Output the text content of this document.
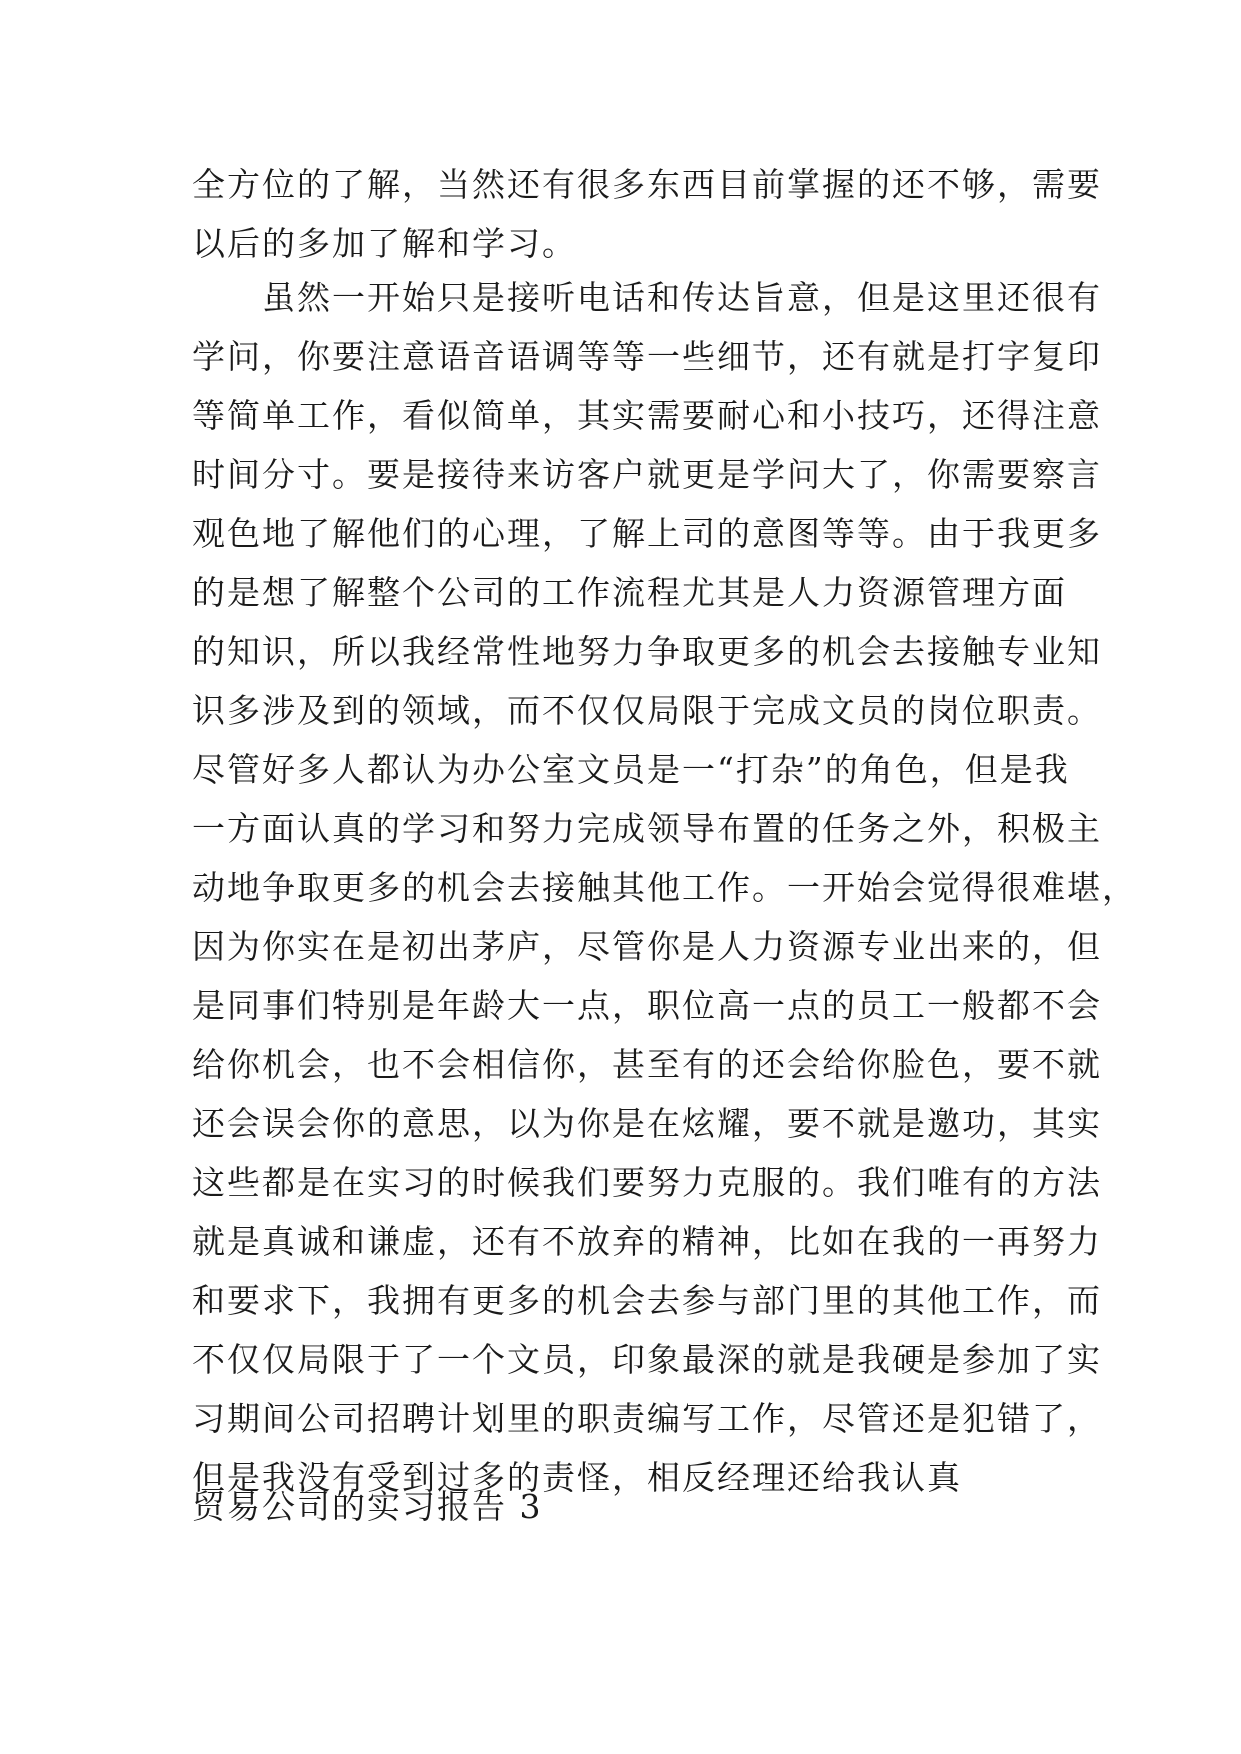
全方位的了解，当然还有很多东西目前掌握的还不够，需要
以后的多加了解和学习。
虽然一开始只是接听电话和传达旨意，但是这里还很有
学问，你要注意语音语调等等一些细节，还有就是打字复印
等简单工作，看似简单，其实需要耐心和小技巧，还得注意
时间分寸。要是接待来访客户就更是学问大了，你需要察言
观色地了解他们的心理，了解上司的意图等等。由于我更多
的是想了解整个公司的工作流程尤其是人力资源管理方面
的知识，所以我经常性地努力争取更多的机会去接触专业知
识多涉及到的领域，而不仅仅局限于完成文员的岗位职责。
尽管好多人都认为办公室文员是一“打杂”的角色，但是我
一方面认真的学习和努力完成领导布置的任务之外，积极主
动地争取更多的机会去接触其他工作。一开始会觉得很难堪，
因为你实在是初出茅庐，尽管你是人力资源专业出来的，但
是同事们特别是年龄大一点，职位高一点的员工一般都不会
给你机会，也不会相信你，甚至有的还会给你脸色，要不就
还会误会你的意思，以为你是在炫耀，要不就是邀功，其实
这些都是在实习的时候我们要努力克服的。我们唯有的方法
就是真诚和谦虚，还有不放弃的精神，比如在我的一再努力
和要求下，我拥有更多的机会去参与部门里的其他工作，而
不仅仅局限于了一个文员，印象最深的就是我硬是参加了实
习期间公司招聘计划里的职责编写工作，尽管还是犯错了，
但是我没有受到过多的责怪，相反经理还给我认真
贸易公司的实习报告 3
